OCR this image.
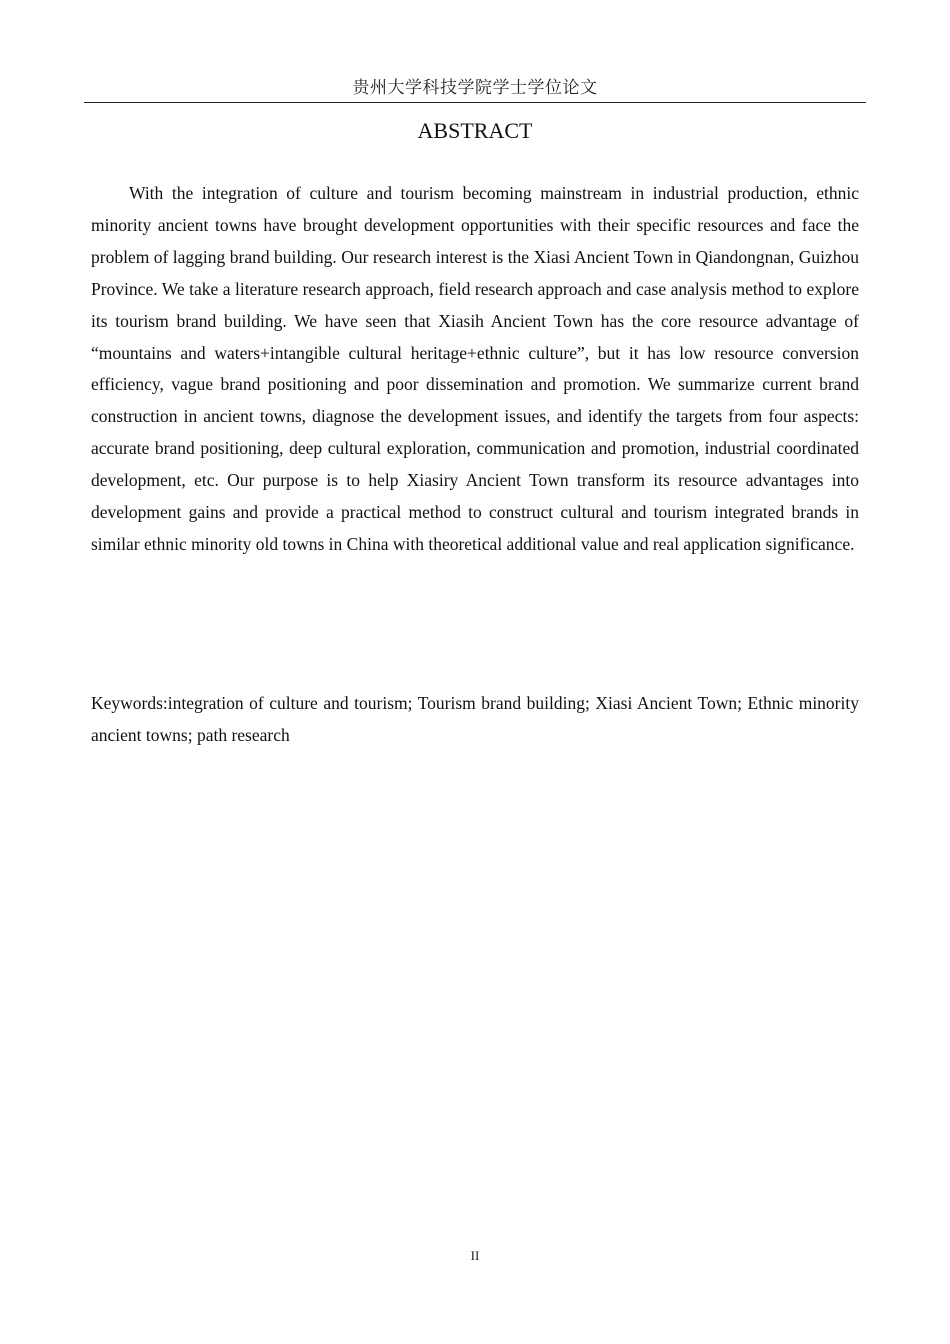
贵州大学科技学院学士学位论文
ABSTRACT

With the integration of culture and tourism becoming mainstream in industrial production, ethnic minority ancient towns have brought development opportunities with their specific resources and face the problem of lagging brand building. Our research interest is the Xiasi Ancient Town in Qiandongnan, Guizhou Province. We take a literature research approach, field research approach and case analysis method to explore its tourism brand building. We have seen that Xiasih Ancient Town has the core resource advantage of “mountains and waters+intangible cultural heritage+ethnic culture”, but it has low resource conversion efficiency, vague brand positioning and poor dissemination and promotion. We summarize current brand construction in ancient towns, diagnose the development issues, and identify the targets from four aspects: accurate brand positioning, deep cultural exploration, communication and promotion, industrial coordinated development, etc. Our purpose is to help Xiasiry Ancient Town transform its resource advantages into development gains and provide a practical method to construct cultural and tourism integrated brands in similar ethnic minority old towns in China with theoretical additional value and real application significance.

Keywords:integration of culture and tourism; Tourism brand building; Xiasi Ancient Town; Ethnic minority ancient towns; path research

II
